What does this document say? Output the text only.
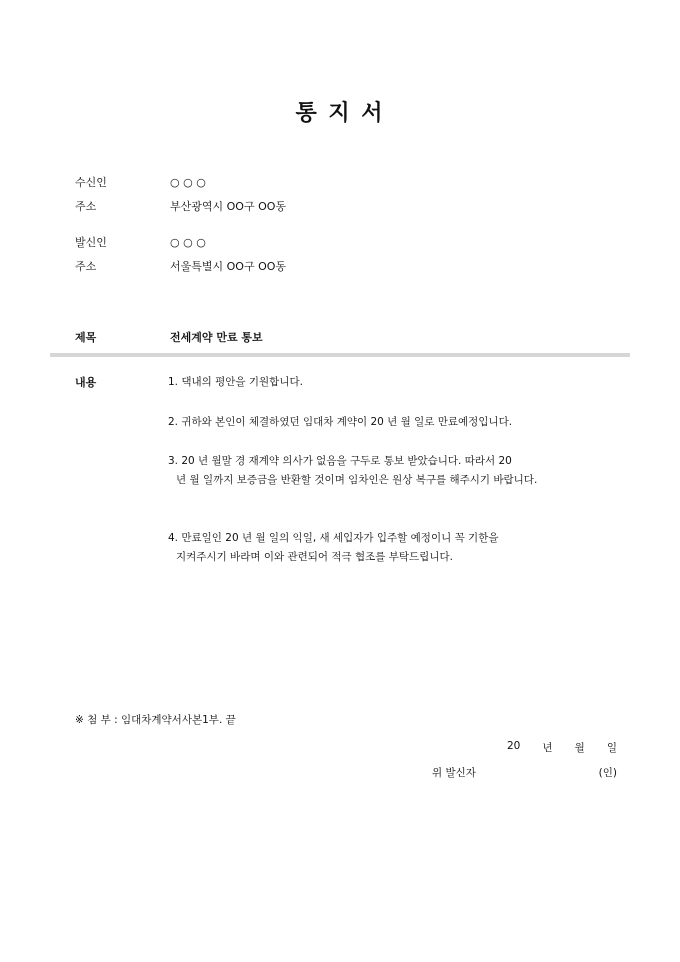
통 지 서
수신인	○ ○ ○
주소	부산광역시 OO구 OO동
발신인	○ ○ ○
주소	서울특별시 OO구 OO동
제목	전세계약 만료 통보
내용	1. 댁내의 평안을 기원합니다.
2. 귀하와 본인이 체결하였던 임대차 계약이 20 년 월 일로 만료예정입니다.
3. 20 년 월말 경 재계약 의사가 없음을 구두로 통보 받았습니다. 따라서 20
년 월 일까지 보증금을 반환할 것이며 임차인은 원상 복구를 해주시기 바랍니다.
4. 만료일인 20 년 월 일의 익일, 새 세입자가 입주할 예정이니 꼭 기한을
지켜주시기 바라며 이와 관련되어 적극 협조를 부탁드립니다.
※ 첨 부 : 임대차계약서사본1부. 끝
20 년 월 일
위 발신자	(인)
